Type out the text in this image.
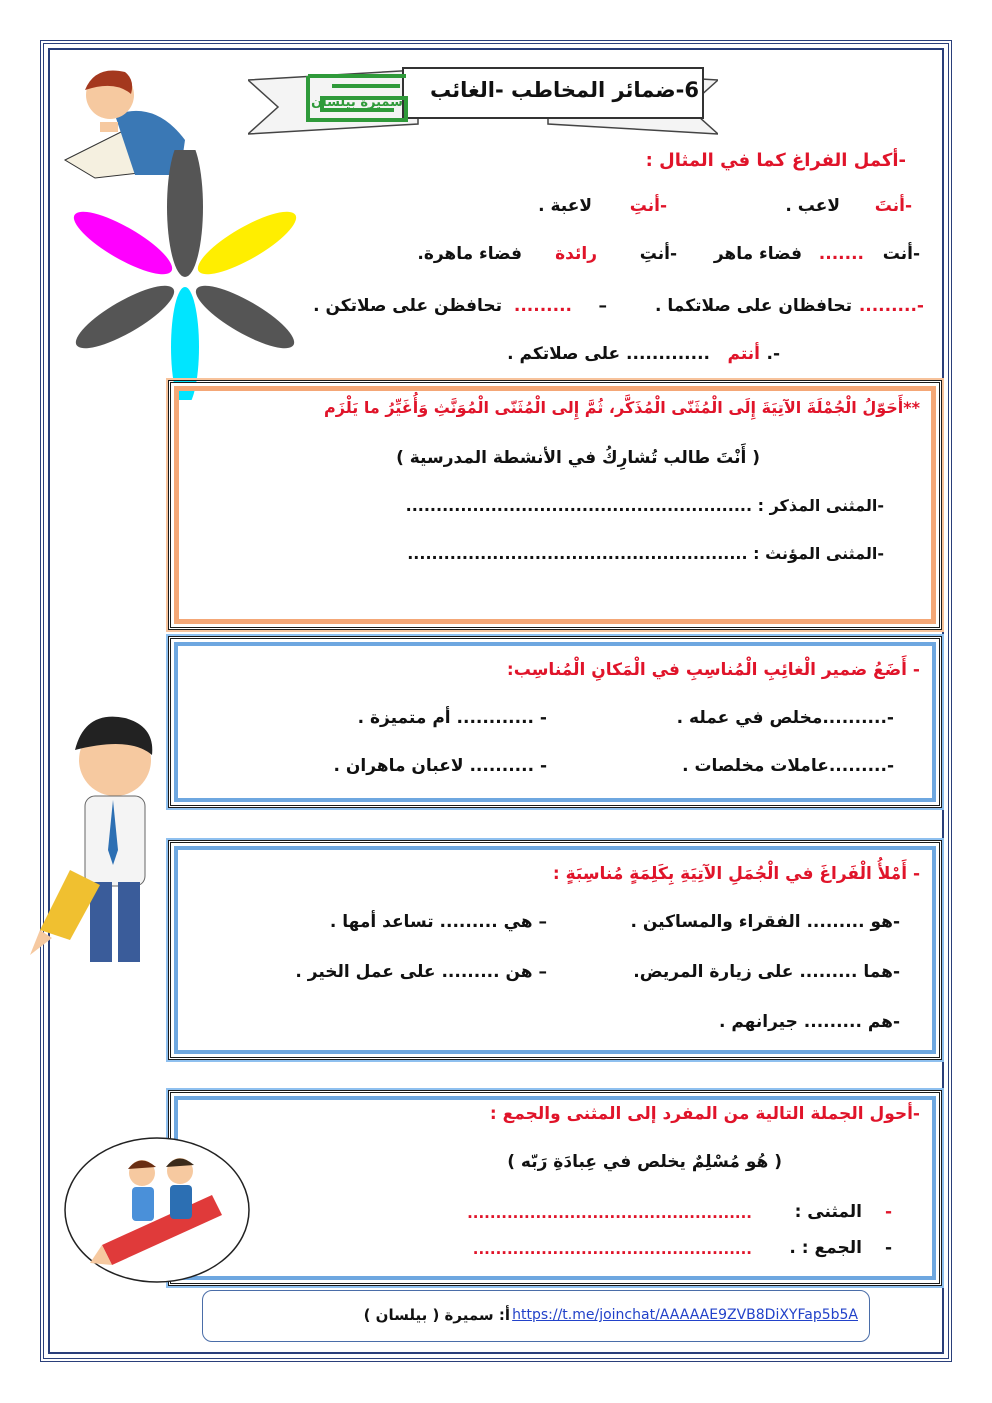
6-ضمائر المخاطب -الغائب
سميرة بيلسان
-أكمل الفراغ كما في المثال :
-أنتَ
لاعب .
-أنتِ
لاعبة .
-أنت
.......
فضاء ماهر
-أنتِ
رائدة
فضاء ماهرة.
-.........
تحافظان على صلاتكما .
–
.........
تحافظن على صلاتكن .
-.
أنتم
............. على صلاتكم .
**أَحَوّلُ الْجُمْلَةَ الآتِيَةَ إِلَى الْمُثَنّى الْمُذَكَّر، ثُمَّ إِلى الْمُثَنّى الْمُوَنَّثِ وَأُغَيِّرُ ما يَلْزَم
( أَنْتَ طالب تُشارِكُ في الأنشطة المدرسية )
-المثنى المذكر : .........................................................
-المثنى المؤنث : ........................................................
- أَضَعُ ضمير الْغائِبِ الْمُناسِبِ في الْمَكانِ الْمُناسِب:
-..........مخلص في عمله .
- ............ أم متميزة .
-.........عاملات مخلصات .
- .......... لاعبان ماهران .
- أَمْلأُ الْفَراغَ في الْجُمَلِ الآتِيَةِ بِكَلِمَةٍ مُناسِبَةٍ :
-هو ......... الفقراء والمساكين .
– هي ......... تساعد أمها .
-هما ......... على زيارة المريض.
– هن ......... على عمل الخير .
-هم ......... جيرانهم .
-أحول الجملة التالية من المفرد إلى المثنى والجمع :
( هُو مُسْلِمٌ يخلص في عِبادَةِ رَبّه )
-
المثنى :
..................................................
-
الجمع : .
.................................................
أ: سميرة ( بيلسان ) https://t.me/joinchat/AAAAAE9ZVB8DiXYFap5b5A
